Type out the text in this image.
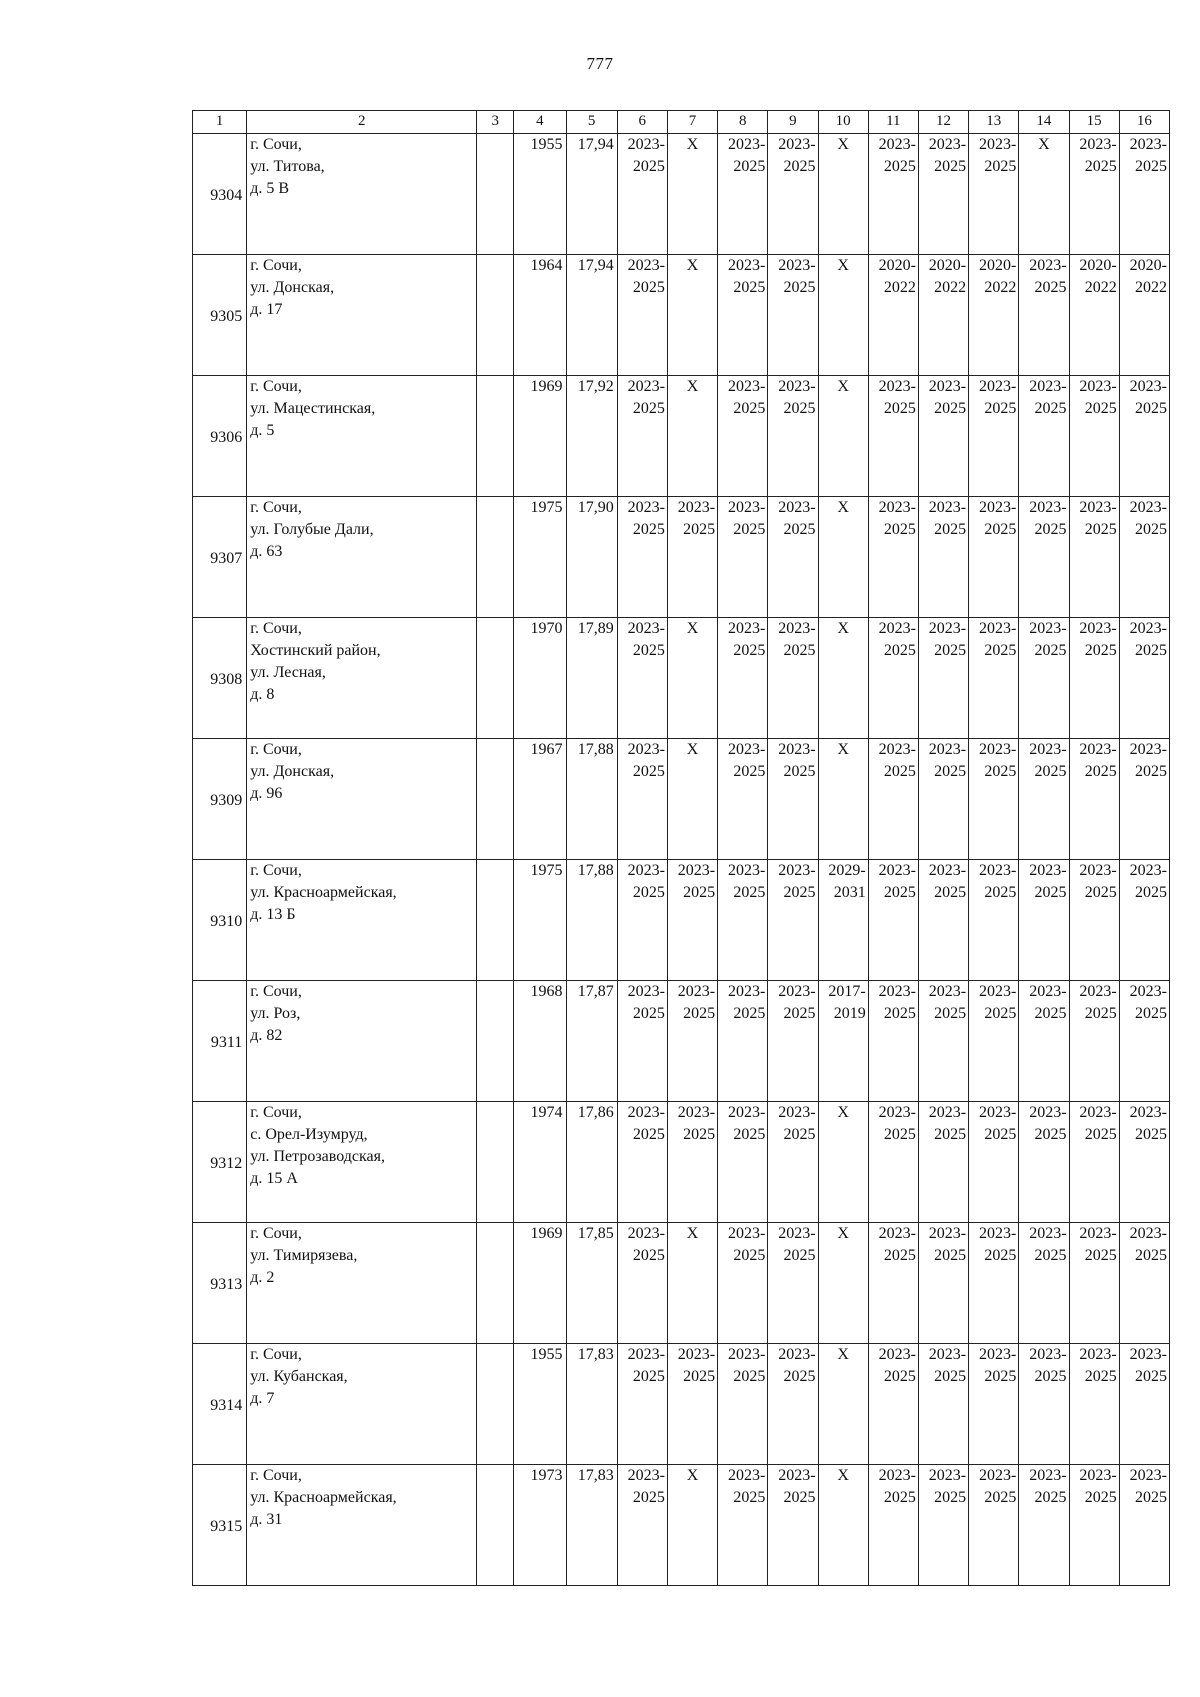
777
1	2	3	4	5	6	7	8	9	10	11	12	13	14	15	16
9304	г. Сочи,
ул. Титова,
д. 5 В		1955	17,94	2023-
2025	X	2023-
2025	2023-
2025	X	2023-
2025	2023-
2025	2023-
2025	X	2023-
2025	2023-
2025

9305	г. Сочи,
ул. Донская,
д. 17		1964	17,94	2023-
2025	X	2023-
2025	2023-
2025	X	2020-
2022	2020-
2022	2020-
2022	2023-
2025	2020-
2022	2020-
2022

9306	г. Сочи,
ул. Мацестинская,
д. 5		1969	17,92	2023-
2025	X	2023-
2025	2023-
2025	X	2023-
2025	2023-
2025	2023-
2025	2023-
2025	2023-
2025	2023-
2025

9307	г. Сочи,
ул. Голубые Дали,
д. 63		1975	17,90	2023-
2025	2023-
2025	2023-
2025	2023-
2025	X	2023-
2025	2023-
2025	2023-
2025	2023-
2025	2023-
2025	2023-
2025

9308	г. Сочи,
Хостинский район,
ул. Лесная,
д. 8		1970	17,89	2023-
2025	X	2023-
2025	2023-
2025	X	2023-
2025	2023-
2025	2023-
2025	2023-
2025	2023-
2025	2023-
2025

9309	г. Сочи,
ул. Донская,
д. 96		1967	17,88	2023-
2025	X	2023-
2025	2023-
2025	X	2023-
2025	2023-
2025	2023-
2025	2023-
2025	2023-
2025	2023-
2025

9310	г. Сочи,
ул. Красноармейская,
д. 13 Б		1975	17,88	2023-
2025	2023-
2025	2023-
2025	2023-
2025	2029-
2031	2023-
2025	2023-
2025	2023-
2025	2023-
2025	2023-
2025	2023-
2025

9311	г. Сочи,
ул. Роз,
д. 82		1968	17,87	2023-
2025	2023-
2025	2023-
2025	2023-
2025	2017-
2019	2023-
2025	2023-
2025	2023-
2025	2023-
2025	2023-
2025	2023-
2025

9312	г. Сочи,
с. Орел-Изумруд,
ул. Петрозаводская,
д. 15 А		1974	17,86	2023-
2025	2023-
2025	2023-
2025	2023-
2025	X	2023-
2025	2023-
2025	2023-
2025	2023-
2025	2023-
2025	2023-
2025

9313	г. Сочи,
ул. Тимирязева,
д. 2		1969	17,85	2023-
2025	X	2023-
2025	2023-
2025	X	2023-
2025	2023-
2025	2023-
2025	2023-
2025	2023-
2025	2023-
2025

9314	г. Сочи,
ул. Кубанская,
д. 7		1955	17,83	2023-
2025	2023-
2025	2023-
2025	2023-
2025	X	2023-
2025	2023-
2025	2023-
2025	2023-
2025	2023-
2025	2023-
2025

9315	г. Сочи,
ул. Красноармейская,
д. 31		1973	17,83	2023-
2025	X	2023-
2025	2023-
2025	X	2023-
2025	2023-
2025	2023-
2025	2023-
2025	2023-
2025	2023-
2025
